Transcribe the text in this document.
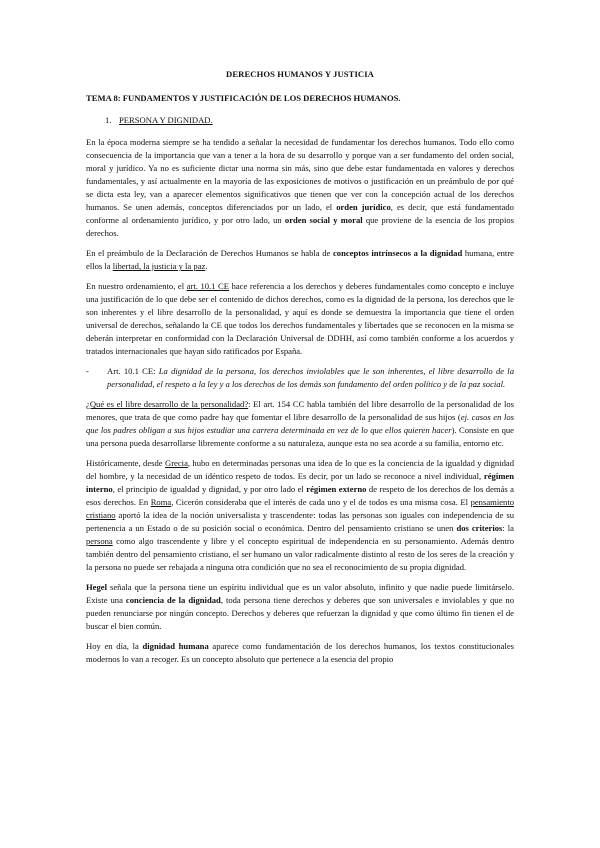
DERECHOS HUMANOS Y JUSTICIA
TEMA 8: FUNDAMENTOS Y JUSTIFICACIÓN DE LOS DERECHOS HUMANOS.
1. PERSONA Y DIGNIDAD.

En la época moderna siempre se ha tendido a señalar la necesidad de fundamentar los derechos humanos. Todo ello como consecuencia de la importancia que van a tener a la hora de su desarrollo y porque van a ser fundamento del orden social, moral y jurídico. Ya no es suficiente dictar una norma sin más, sino que debe estar fundamentada en valores y derechos fundamentales, y así actualmente en la mayoría de las exposiciones de motivos o justificación en un preámbulo de por qué se dicta esta ley, van a aparecer elementos significativos que tienen que ver con la concepción actual de los derechos humanos. Se unen además, conceptos diferenciados por un lado, el orden jurídico, es decir, que está fundamentado conforme al ordenamiento jurídico, y por otro lado, un orden social y moral que proviene de la esencia de los propios derechos.

En el preámbulo de la Declaración de Derechos Humanos se habla de conceptos intrínsecos a la dignidad humana, entre ellos la libertad, la justicia y la paz.

En nuestro ordenamiento, el art. 10.1 CE hace referencia a los derechos y deberes fundamentales como concepto e incluye una justificación de lo que debe ser el contenido de dichos derechos, como es la dignidad de la persona, los derechos que le son inherentes y el libre desarrollo de la personalidad, y aquí es donde se demuestra la importancia que tiene el orden universal de derechos, señalando la CE que todos los derechos fundamentales y libertades que se reconocen en la misma se deberán interpretar en conformidad con la Declaración Universal de DDHH, así como también conforme a los acuerdos y tratados internacionales que hayan sido ratificados por España.

- Art. 10.1 CE: La dignidad de la persona, los derechos inviolables que le son inherentes, el libre desarrollo de la personalidad, el respeto a la ley y a los derechos de los demás son fundamento del orden político y de la paz social.

¿Qué es el libre desarrollo de la personalidad?: El art. 154 CC habla también del libre desarrollo de la personalidad de los menores, que trata de que como padre hay que fomentar el libre desarrollo de la personalidad de sus hijos (ej. casos en los que los padres obligan a sus hijos estudiar una carrera determinada en vez de lo que ellos quieren hacer). Consiste en que una persona pueda desarrollarse libremente conforme a su naturaleza, aunque esta no sea acorde a su familia, entorno etc.

Históricamente, desde Grecia, hubo en determinadas personas una idea de lo que es la conciencia de la igualdad y dignidad del hombre, y la necesidad de un idéntico respeto de todos. Es decir, por un lado se reconoce a nivel individual, régimen interno, el principio de igualdad y dignidad, y por otro lado el régimen externo de respeto de los derechos de los demás a esos derechos. En Roma, Cicerón consideraba que el interés de cada uno y el de todos es una misma cosa. El pensamiento cristiano aportó la idea de la noción universalista y trascendente: todas las personas son iguales con independencia de su pertenencia a un Estado o de su posición social o económica. Dentro del pensamiento cristiano se unen dos criterios: la persona como algo trascendente y libre y el concepto espiritual de independencia en su personamiento. Además dentro también dentro del pensamiento cristiano, el ser humano un valor radicalmente distinto al resto de los seres de la creación y la persona no puede ser rebajada a ninguna otra condición que no sea el reconocimiento de su propia dignidad.

Hegel señala que la persona tiene un espíritu individual que es un valor absoluto, infinito y que nadie puede limitárselo. Existe una conciencia de la dignidad, toda persona tiene derechos y deberes que son universales e inviolables y que no pueden renunciarse por ningún concepto. Derechos y deberes que refuerzan la dignidad y que como último fin tienen el de buscar el bien común.

Hoy en día, la dignidad humana aparece como fundamentación de los derechos humanos, los textos constitucionales modernos lo van a recoger. Es un concepto absoluto que pertenece a la esencia del propio
